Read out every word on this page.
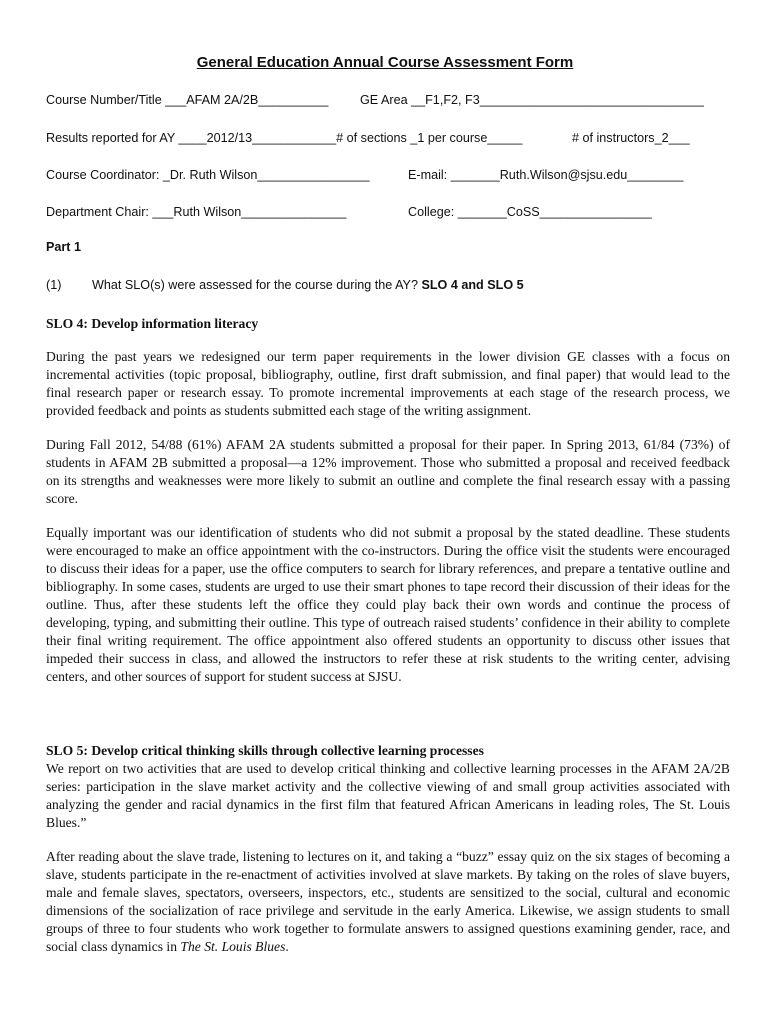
General Education Annual Course Assessment Form
Course Number/Title ___AFAM 2A/2B__________	GE Area __F1,F2, F3________________________________
Results reported for AY ____2012/13____________# of sections _1 per course_____	# of instructors_2___
Course Coordinator: _Dr. Ruth Wilson________________	E-mail: _______Ruth.Wilson@sjsu.edu________
Department Chair: ___Ruth Wilson_______________	College: _______CoSS________________
Part 1
(1) What SLO(s) were assessed for the course during the AY? SLO 4 and SLO 5

SLO 4: Develop information literacy

During the past years we redesigned our term paper requirements in the lower division GE classes with a focus on incremental activities (topic proposal, bibliography, outline, first draft submission, and final paper) that would lead to the final research paper or research essay. To promote incremental improvements at each stage of the research process, we provided feedback and points as students submitted each stage of the writing assignment.

During Fall 2012, 54/88 (61%) AFAM 2A students submitted a proposal for their paper. In Spring 2013, 61/84 (73%) of students in AFAM 2B submitted a proposal—a 12% improvement. Those who submitted a proposal and received feedback on its strengths and weaknesses were more likely to submit an outline and complete the final research essay with a passing score.

Equally important was our identification of students who did not submit a proposal by the stated deadline. These students were encouraged to make an office appointment with the co-instructors. During the office visit the students were encouraged to discuss their ideas for a paper, use the office computers to search for library references, and prepare a tentative outline and bibliography. In some cases, students are urged to use their smart phones to tape record their discussion of their ideas for the outline. Thus, after these students left the office they could play back their own words and continue the process of developing, typing, and submitting their outline. This type of outreach raised students’ confidence in their ability to complete their final writing requirement. The office appointment also offered students an opportunity to discuss other issues that impeded their success in class, and allowed the instructors to refer these at risk students to the writing center, advising centers, and other sources of support for student success at SJSU.

SLO 5: Develop critical thinking skills through collective learning processes

We report on two activities that are used to develop critical thinking and collective learning processes in the AFAM 2A/2B series: participation in the slave market activity and the collective viewing of and small group activities associated with analyzing the gender and racial dynamics in the first film that featured African Americans in leading roles, The St. Louis Blues.”

After reading about the slave trade, listening to lectures on it, and taking a “buzz” essay quiz on the six stages of becoming a slave, students participate in the re-enactment of activities involved at slave markets. By taking on the roles of slave buyers, male and female slaves, spectators, overseers, inspectors, etc., students are sensitized to the social, cultural and economic dimensions of the socialization of race privilege and servitude in the early America. Likewise, we assign students to small groups of three to four students who work together to formulate answers to assigned questions examining gender, race, and social class dynamics in The St. Louis Blues.
